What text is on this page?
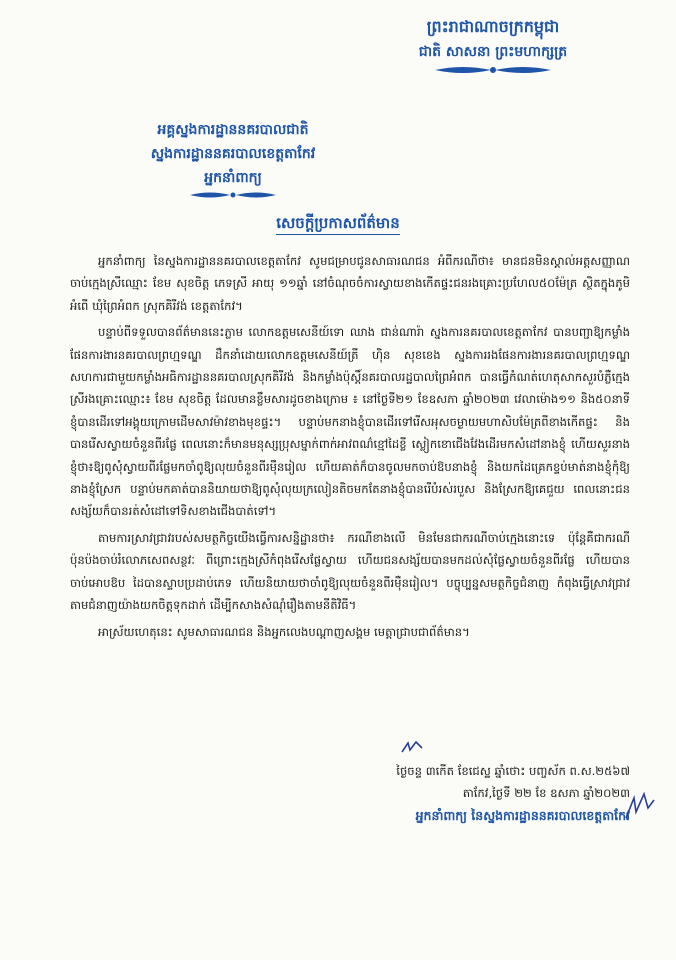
ព្រះរាជាណាចក្រកម្ពុជា
ជាតិ សាសនា ព្រះមហាក្សត្រ
អគ្គស្នងការដ្ឋាននគរបាលជាតិ
ស្នងការដ្ឋាននគរបាលខេត្តតាកែវ
អ្នកនាំពាក្យ
សេចក្ដីប្រកាសព័ត៌មាន

អ្នកនាំពាក្យ នៃស្នងការដ្ឋាននគរបាលខេត្តតាកែវ សូមជម្រាបជូនសាធារណជន អំពីករណីថា៖ មានជនមិនស្គាល់អត្តសញ្ញាណចាប់ក្មេងស្រីឈ្មោះ ខែម សុខចិត្ត ភេទស្រី អាយុ ១១ឆ្នាំ នៅចំណុចចំការស្វាយខាងកើតផ្ទះជនរងគ្រោះប្រហែល៥០ម៉ែត្រ ស្ថិតក្នុងភូមិអំពើ ឃុំព្រៃអំពក ស្រុកគិរីវង់ ខេត្តតាកែវ។

បន្ទាប់ពីទទួលបានព័ត៌មាននេះភ្លាម លោកឧត្តមសេនីយ៍ទោ ឈាង ជាន់ណារ៉ា ស្នងការនគរបាលខេត្តតាកែវ បានបញ្ជាឱ្យកម្លាំងផែនការងារនគរបាលព្រហ្មទណ្ឌ ដឹកនាំដោយលោកឧត្តមសេនីយ៍ត្រី ហ៊ិន សុខខេង ស្នងការរងផែនការងារនគរបាលព្រហ្មទណ្ឌ សហការជាមួយកម្លាំងអធិការដ្ឋាននគរបាលស្រុកគិរីវង់ និងកម្លាំងប៉ុស្តិ៍នគរបាលរដ្ឋបាលព្រៃអំពក បានធ្វើកំណត់ហេតុសាកសួរបំភ្លឺក្មេងស្រីរងគ្រោះឈ្មោះ៖ ខែម សុខចិត្ត ដែលមានខ្លឹមសារដូចខាងក្រោម ៖ នៅថ្ងៃទី២១ ខែឧសភា ឆ្នាំ២០២៣ វេលាម៉ោង១១ និង៥០នាទី ខ្ញុំបានដើរទៅអង្គុយក្រោមដើមសាវម៉ាវខាងមុខផ្ទះ។ បន្ទាប់មកនាងខ្ញុំបានដើរទៅរើសអុសចម្ងាយមហាសិបម៉ែត្រពីខាងកើតផ្ទះ និងបានរើសស្វាយចំនួនពីរផ្លែ ពេលនោះក៏មានមនុស្សប្រុសម្នាក់ពាក់អាវពណ៌ខ្មៅដៃខ្លី ស្លៀកខោជើងវែងដើរមកសំដៅនាងខ្ញុំ ហើយសួរនាងខ្ញុំថា៖ឱ្យពូសុំស្វាយពីរផ្លែមកចាំពូឱ្យលុយចំនួនពីរម៉ឺនរៀល ហើយគាត់ក៏បានចូលមកចាប់ឱបនាងខ្ញុំ និងយកដៃគ្រេកខ្ទប់មាត់នាងខ្ញុំកុំឱ្យនាងខ្ញុំស្រែក បន្ទាប់មកគាត់បាននិយាយថាឱ្យពូសុំលុយក្រលៀនតិចមកតែនាងខ្ញុំបានរើបំរស់របួស និងស្រែកឱ្យគេជួយ ពេលនោះជនសង្ស័យក៏បានរត់សំដៅទៅទិសខាងជើងបាត់ទៅ។

តាមការស្រាវជ្រាវរបស់សមត្ថកិច្ចយើងធ្វើការសន្និដ្ឋានថា៖ ករណីខាងលើ មិនមែនជាករណីចាប់ក្មេងនោះទេ ប៉ុន្តែគឺជាករណីប៉ុនប៉ងចាប់រំលោភសេពសន្ថវៈ ពីព្រោះក្មេងស្រីកំពុងរើសផ្លែស្វាយ ហើយជនសង្ស័យបានមកដល់សុំផ្លែស្វាយចំនួនពីរផ្លែ ហើយបានចាប់អោបឱប ដៃបានស្ទាបប្រដាប់ភេទ ហើយនិយាយថាចាំពូឱ្យលុយចំនួនពីរម៉ឺនរៀល។ បច្ចុប្បន្នសមត្ថកិច្ចជំនាញ កំពុងធ្វើស្រាវជ្រាវតាមជំនាញយ៉ាងយកចិត្តទុកដាក់ ដើម្បីកសាងសំណុំរឿងតាមនីតិវិធី។

អាស្រ័យហេតុនេះ សូមសាធារណជន និងអ្នកលេងបណ្ដាញសង្គម មេត្តាជ្រាបជាព័ត៌មាន។

ថ្ងៃចន្ទ ៣កើត ខែជេស្ឋ ឆ្នាំថោះ បញ្ចស័ក ព.ស.២៥៦៧
តាកែវ,ថ្ងៃទី ២២ ខែ ឧសភា ឆ្នាំ២០២៣
អ្នកនាំពាក្យ នៃស្នងការដ្ឋាននគរបាលខេត្តតាកែវ
